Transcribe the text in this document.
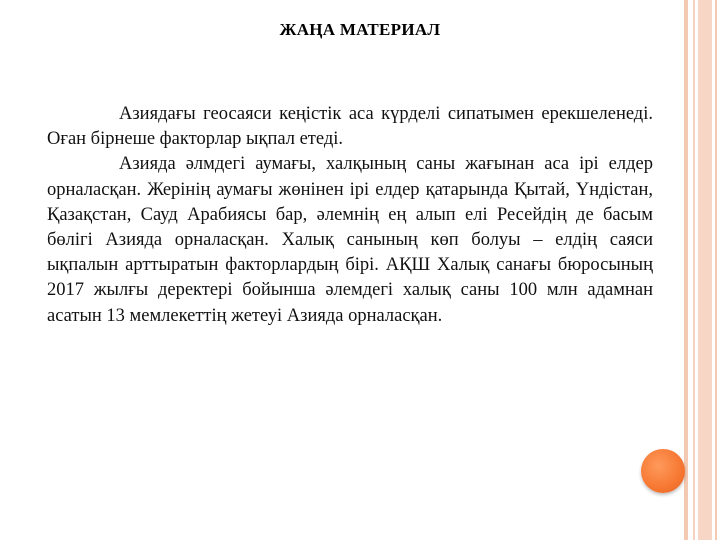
ЖАҢА МАТЕРИАЛ

Азиядағы геосаяси кеңістік аса күрделі сипатымен ерекшеленеді. Оған бірнеше факторлар ықпал етеді.

Азияда әлмдегі аумағы, халқының саны жағынан аса ірі елдер орналасқан. Жерінің аумағы жөнінен ірі елдер қатарында Қытай, Үндістан, Қазақстан, Сауд Арабиясы бар, әлемнің ең алып елі Ресейдің де басым бөлігі Азияда орналасқан. Халық санының көп болуы – елдің саяси ықпалын арттыратын факторлардың бірі. АҚШ Халық санағы бюросының 2017 жылғы деректері бойынша әлемдегі халық саны 100 млн адамнан асатын 13 мемлекеттің жетеуі Азияда орналасқан.
